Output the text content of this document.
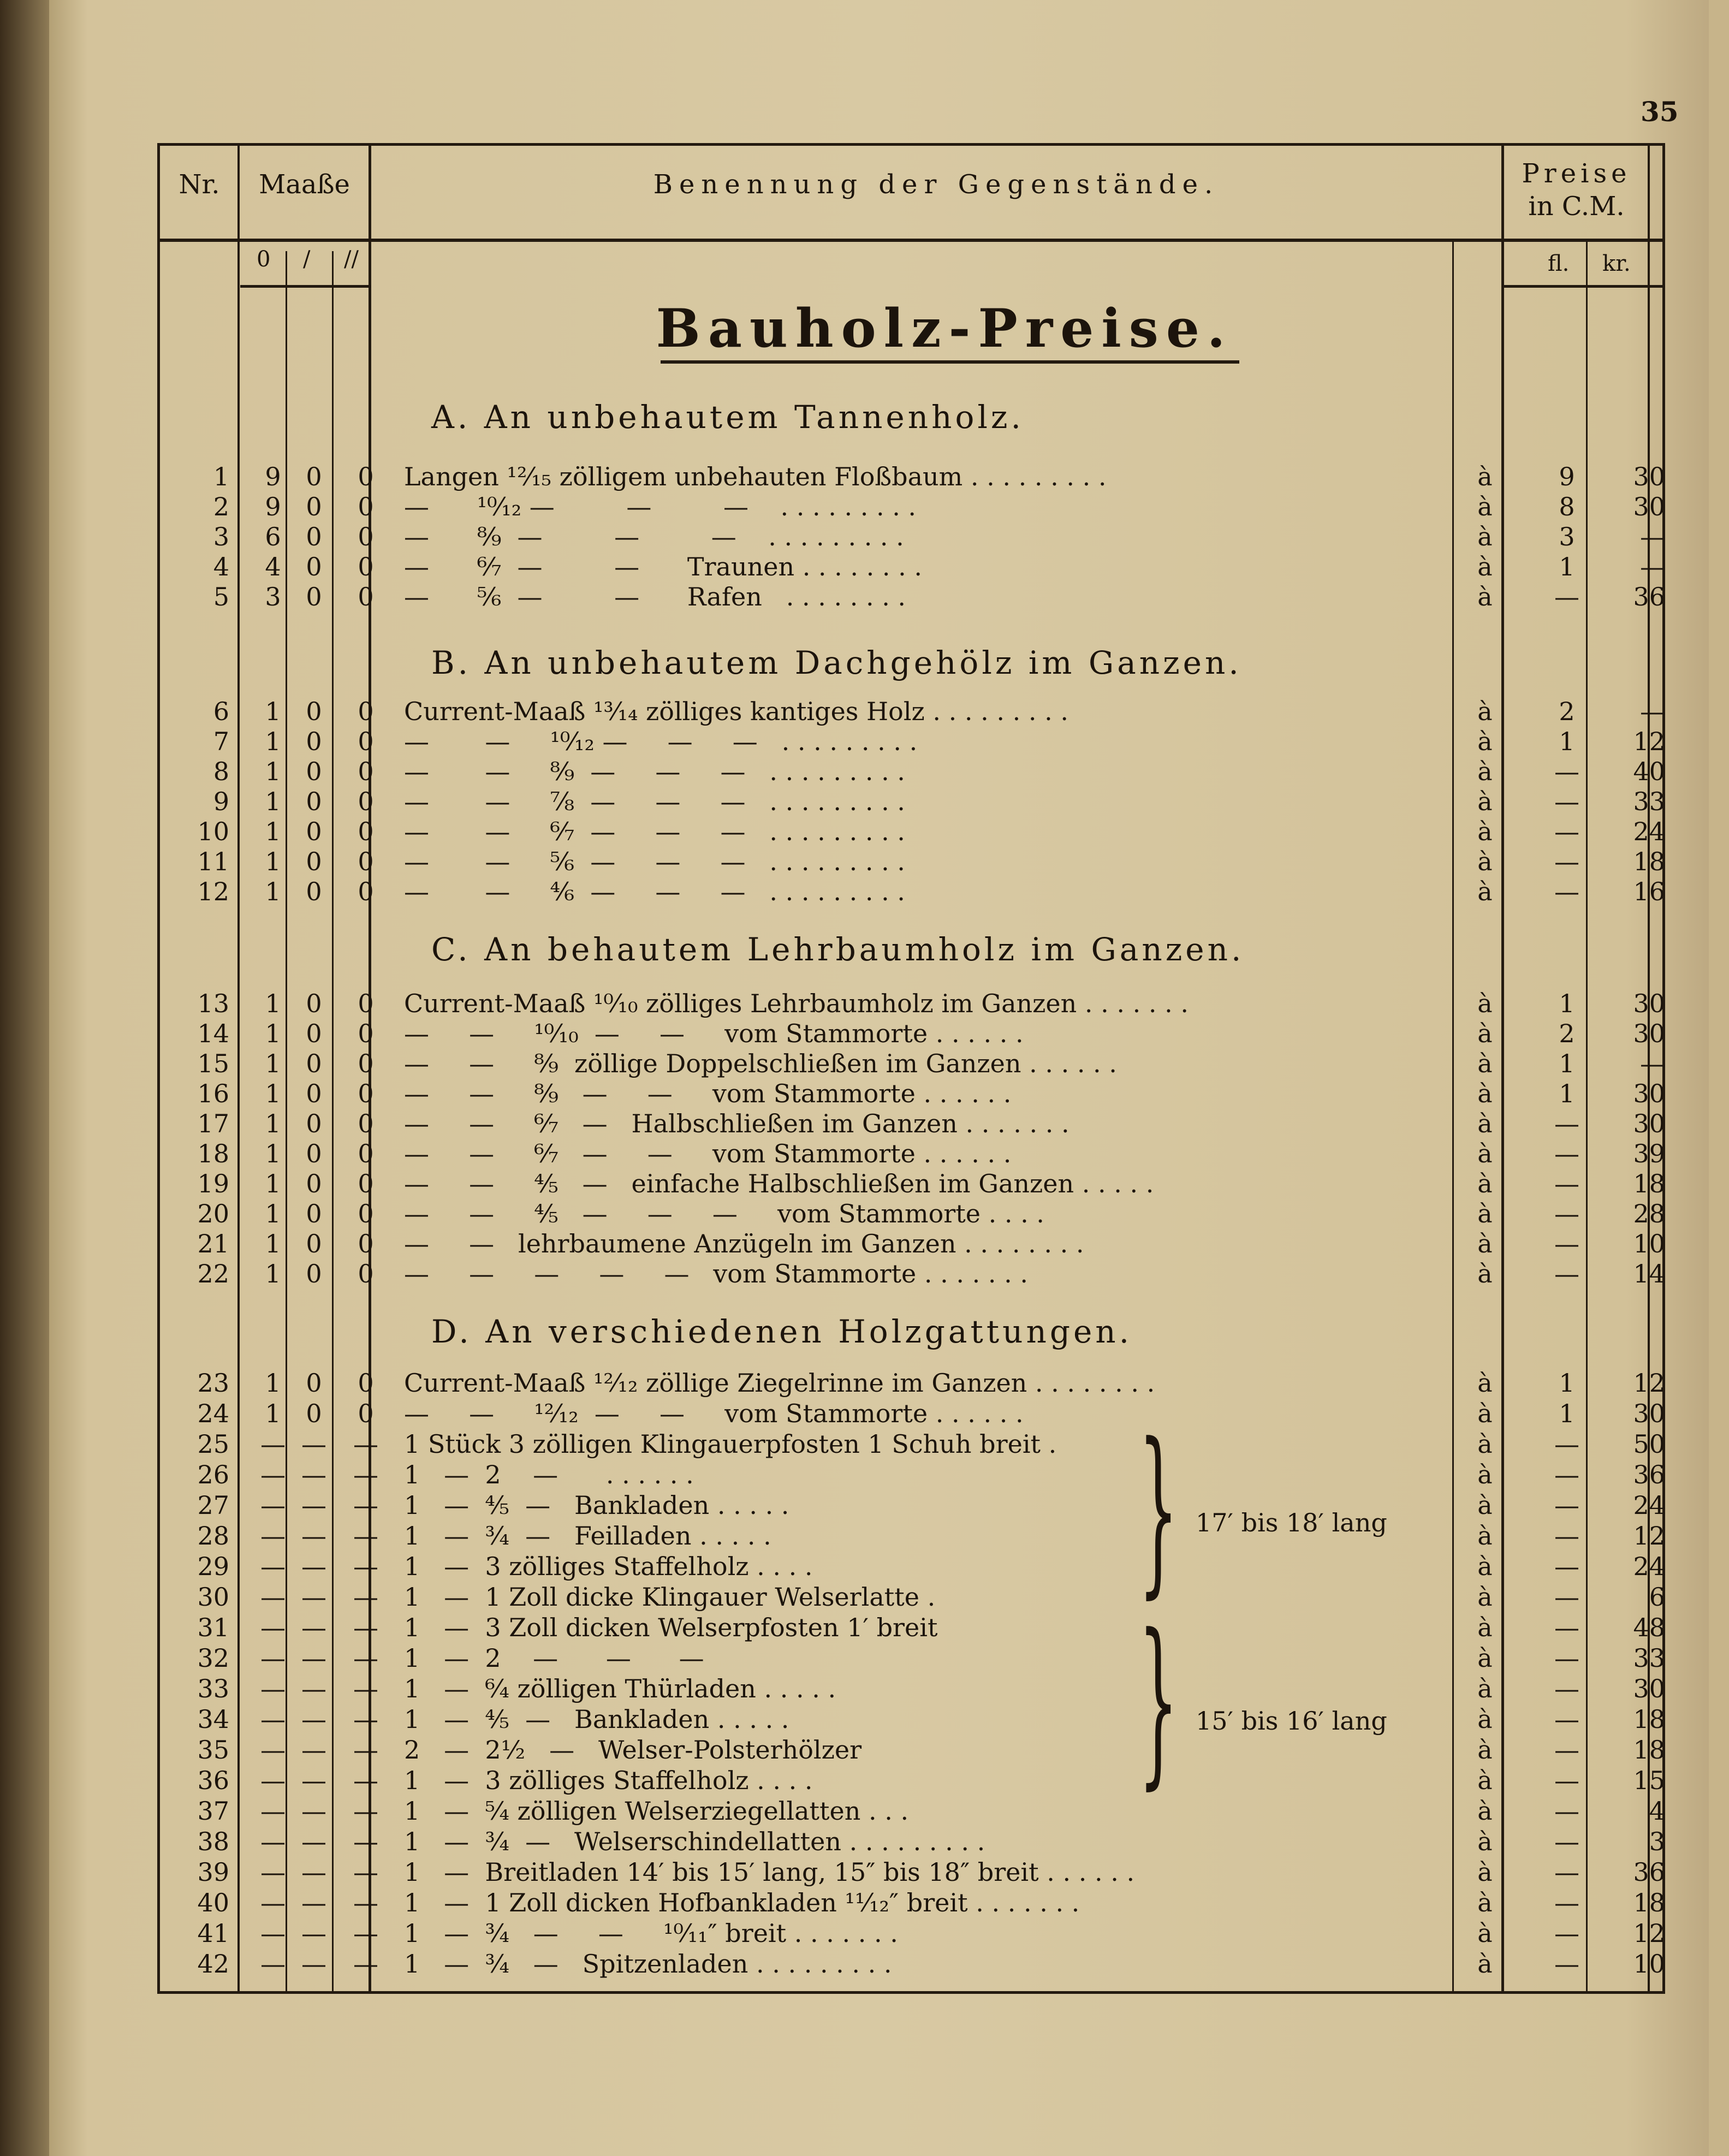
35
Nr.	Maaße	Benennung der Gegenstände.	Preise
in C.M.
0 / //	fl. kr.
Bauholz-Preise.
A. An unbehautem Tannenholz.
B. An unbehautem Dachgehölz im Ganzen.
C. An behautem Lehrbaumholz im Ganzen.
D. An verschiedenen Holzgattungen.
1	9 0	0	Langen ¹²⁄₁₅ zölligem unbehauten Floßbaum . . . . . . . . .	à	9	30
2	9 0	0	—      ¹⁰⁄₁₂ —         —         —    . . . . . . . . .	à	8	30
3	6 0	0	—      ⁸⁄₉  —         —         —    . . . . . . . . .	à	3	—
4	4 0	0	—      ⁶⁄₇  —         —      Traunen . . . . . . . .	à	1	—
5	3 0	0	—      ⁵⁄₆  —         —      Rafen   . . . . . . . .	à	—	36
6	1 0	0	Current-Maaß ¹³⁄₁₄ zölliges kantiges Holz . . . . . . . . .	à	2	—
7	1 0	0	—       —     ¹⁰⁄₁₂ —     —     —   . . . . . . . . .	à	1	12
8	1 0	0	—       —     ⁸⁄₉  —     —     —   . . . . . . . . .	à	—	40
9	1 0	0	—       —     ⁷⁄₈  —     —     —   . . . . . . . . .	à	—	33
10	1 0	0	—       —     ⁶⁄₇  —     —     —   . . . . . . . . .	à	—	24
11	1 0	0	—       —     ⁵⁄₆  —     —     —   . . . . . . . . .	à	—	18
12	1 0	0	—       —     ⁴⁄₆  —     —     —   . . . . . . . . .	à	—	16
13	1 0	0	Current-Maaß ¹⁰⁄₁₀ zölliges Lehrbaumholz im Ganzen . . . . . . .	à	1	30
14	1 0	0	—     —     ¹⁰⁄₁₀  —     —     vom Stammorte . . . . . .	à	2	30
15	1 0	0	—     —     ⁸⁄₉  zöllige Doppelschließen im Ganzen . . . . . .	à	1	—
16	1 0	0	—     —     ⁸⁄₉   —     —     vom Stammorte . . . . . .	à	1	30
17	1 0	0	—     —     ⁶⁄₇   —   Halbschließen im Ganzen . . . . . . .	à	—	30
18	1 0	0	—     —     ⁶⁄₇   —     —     vom Stammorte . . . . . .	à	—	39
19	1 0	0	—     —     ⁴⁄₅   —   einfache Halbschließen im Ganzen . . . . .	à	—	18
20	1 0	0	—     —     ⁴⁄₅   —     —     —     vom Stammorte . . . .	à	—	28
21	1 0	0	—     —   lehrbaumene Anzügeln im Ganzen . . . . . . . .	à	—	10
22	1 0	0	—     —     —     —     —   vom Stammorte . . . . . . .	à	—	14
23	1 0	0	Current-Maaß ¹²⁄₁₂ zöllige Ziegelrinne im Ganzen . . . . . . . .	à	1	12
24	1 0	0	—     —     ¹²⁄₁₂  —     —     vom Stammorte . . . . . .	à	1	30
25 — — — 1 Stück 3 zölligen Klingauerpfosten 1 Schuh breit .	à	—	50
26 — — — 1   —  2    —      . . . . . .	à	—	36
27 — — — 1   —  ⁴⁄₅  —   Bankladen . . . . .	à	—	24
28 — — — 1   —  ³⁄₄  —   Feilladen . . . . .	à	—	12
29 — — — 1   —  3 zölliges Staffelholz . . . .	à	—	24
30 — — — 1   —  1 Zoll dicke Klingauer Welserlatte .	à	—	6
31 — — — 1   —  3 Zoll dicken Welserpfosten 1′ breit	à	—	48
32 — — — 1   —  2    —      —      —	à	—	33
33 — — — 1   —  ⁶⁄₄ zölligen Thürladen . . . . .	à	—	30
34 — — — 1   —  ⁴⁄₅  —   Bankladen . . . . .	à	—	18
35 — — — 2   —  2½   —   Welser-Polsterhölzer	à	—	18
36 — — — 1   —  3 zölliges Staffelholz . . . .	à	—	15
37 — — — 1   —  ⁵⁄₄ zölligen Welserziegellatten . . .	à	—	4
38 — — — 1   —  ³⁄₄  —   Welserschindellatten . . . . . . . . .	à	—	3
39 — — — 1   —  Breitladen 14′ bis 15′ lang, 15″ bis 18″ breit . . . . . .	à	—	36
40 — — — 1   —  1 Zoll dicken Hofbankladen ¹¹⁄₁₂″ breit . . . . . . .	à	—	18
41 — — — 1   —  ³⁄₄   —     —     ¹⁰⁄₁₁″ breit . . . . . . .	à	—	12
42 — — — 1   —  ³⁄₄   —   Spitzenladen . . . . . . . . .	à	—	10
}
}
17′ bis 18′ lang
15′ bis 16′ lang
